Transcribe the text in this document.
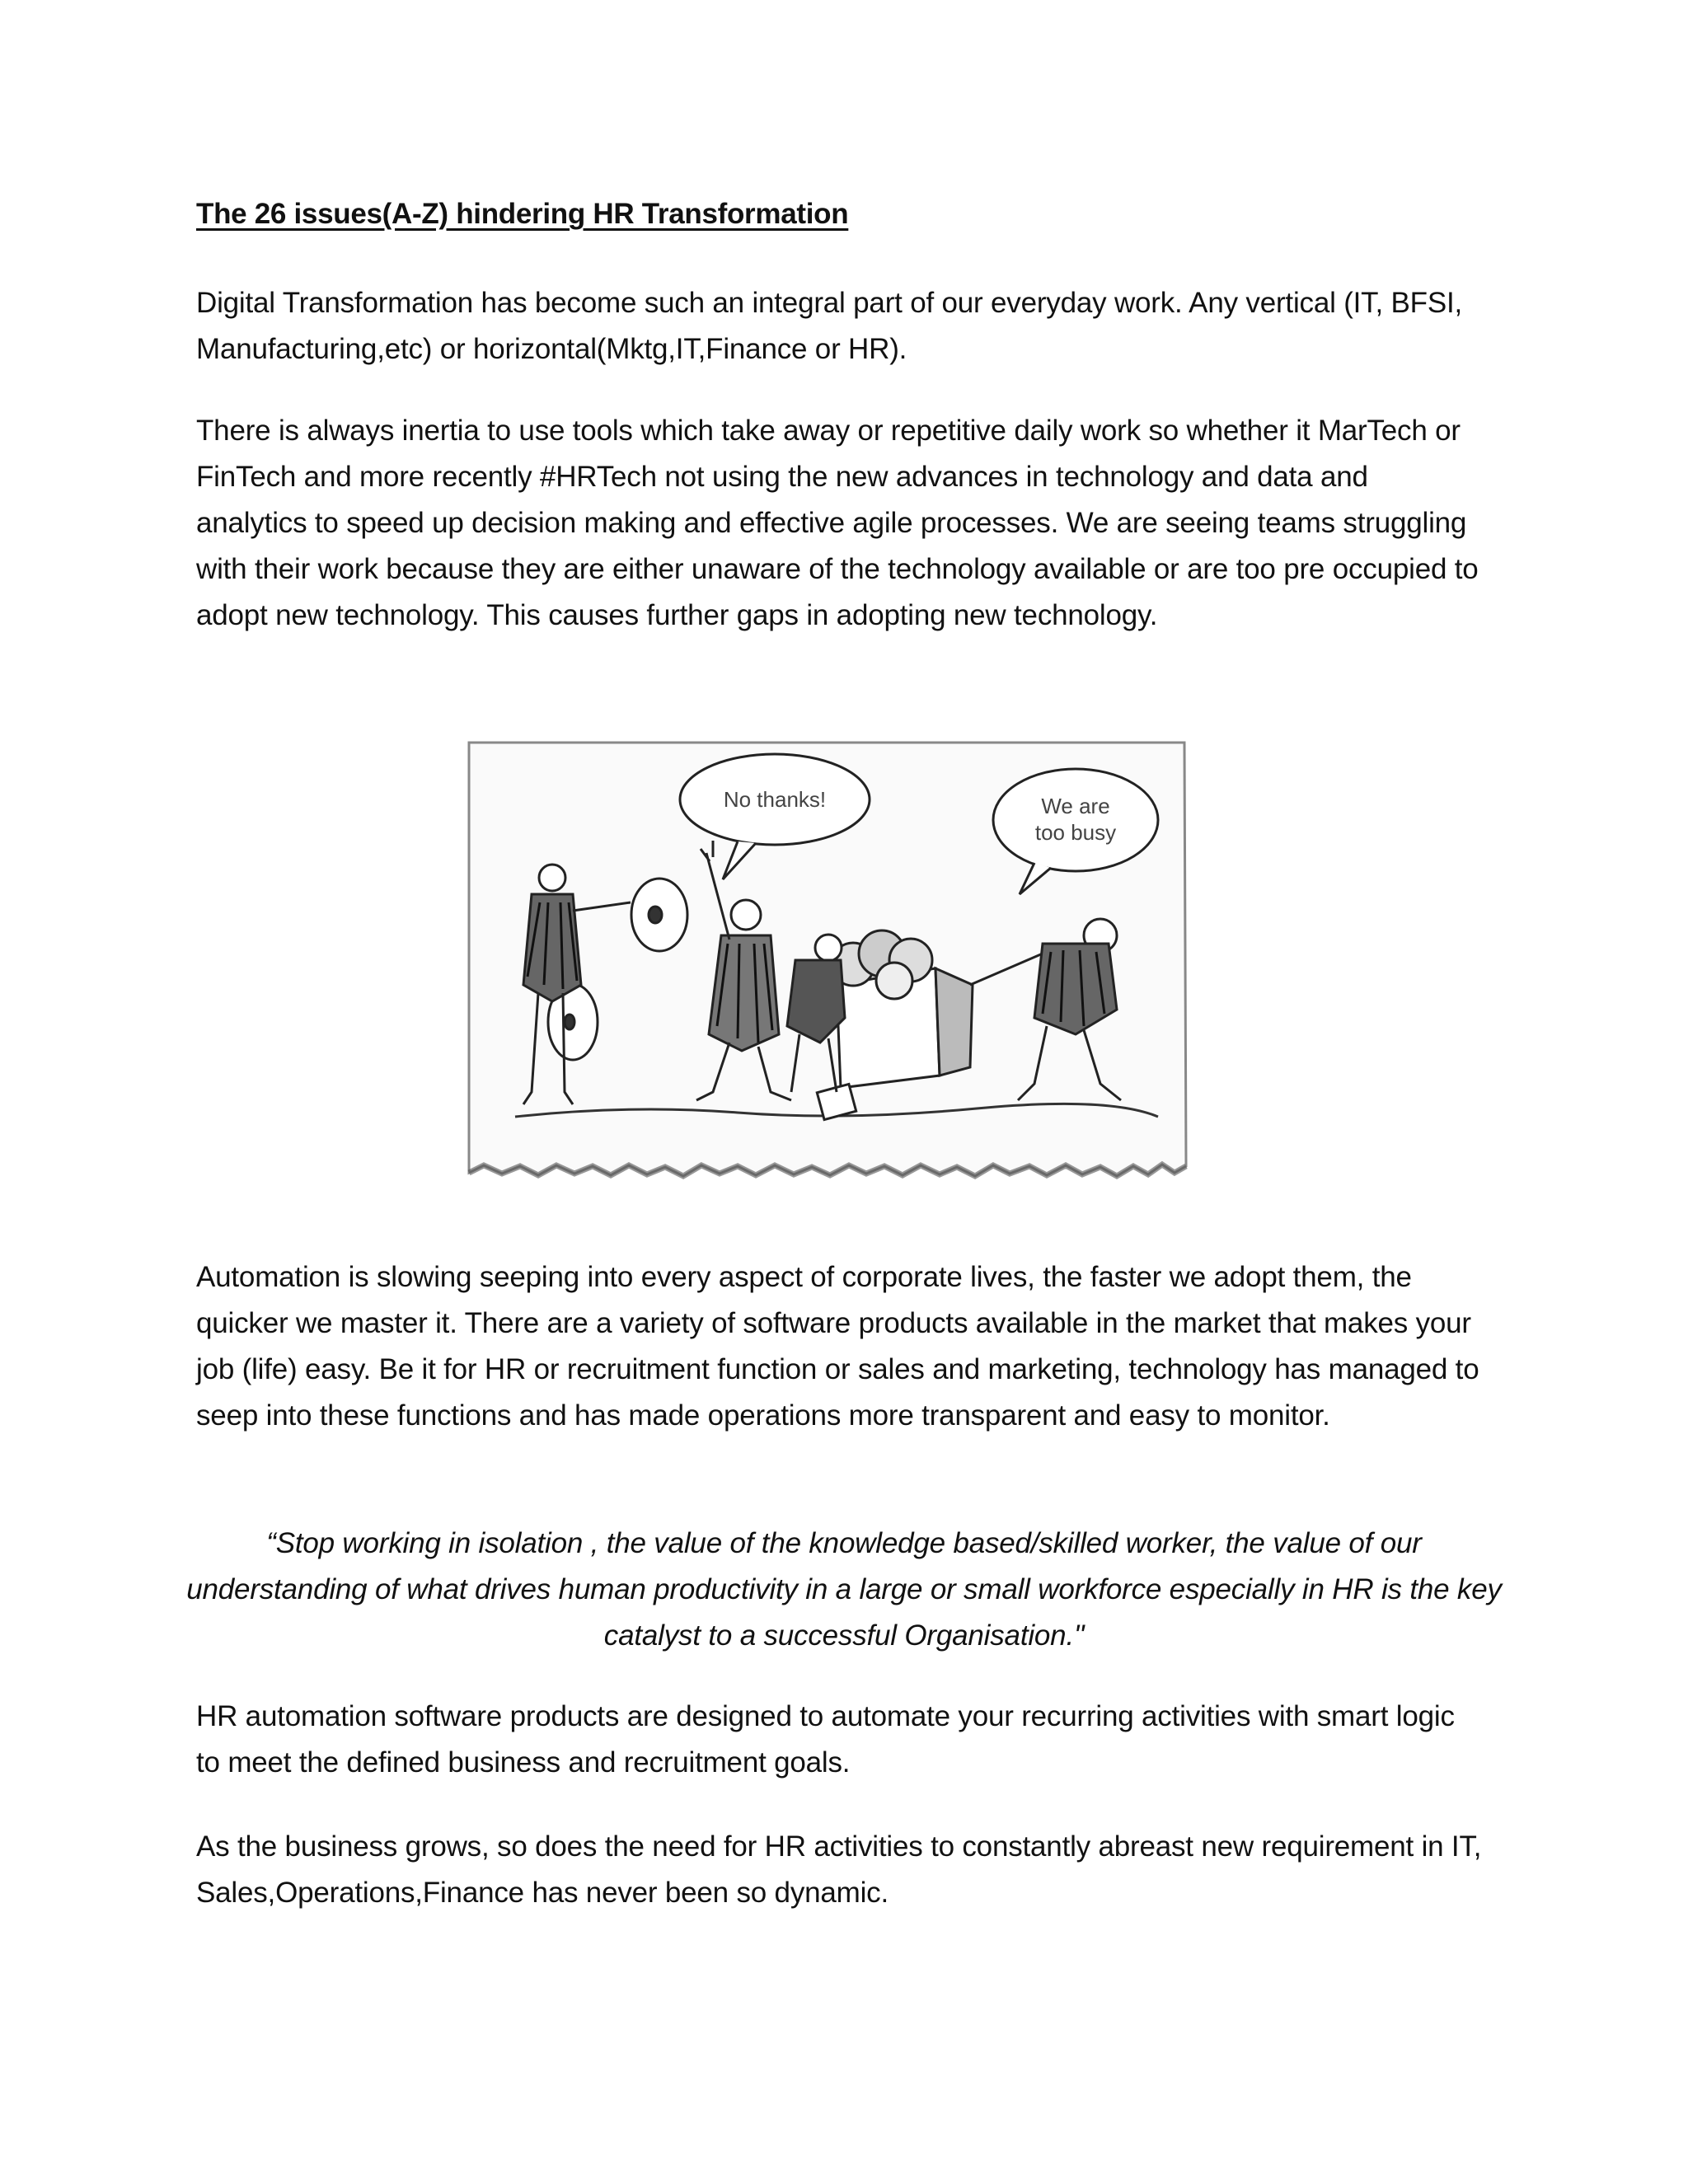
The 26 issues(A-Z) hindering HR Transformation

Digital Transformation has become such an integral part of our everyday work. Any vertical (IT, BFSI, Manufacturing,etc) or horizontal(Mktg,IT,Finance or HR).

There is always inertia to use tools which take away or repetitive daily work so whether it MarTech or FinTech and more recently #HRTech not using the new advances in technology and data and analytics to speed up decision making and effective agile processes. We are seeing teams struggling with their work because they are either unaware of the technology available or are too pre occupied to adopt new technology. This causes further gaps in adopting new technology.

No thanks!	We are
too busy

Automation is slowing seeping into every aspect of corporate lives, the faster we adopt them, the quicker we master it. There are a variety of software products available in the market that makes your job (life) easy. Be it for HR or recruitment function or sales and marketing, technology has managed to seep into these functions and has made operations more transparent and easy to monitor.

“Stop working in isolation , the value of the knowledge based/skilled worker, the value of our understanding of what drives human productivity in a large or small workforce especially in HR is the key catalyst to a successful Organisation."

HR automation software products are designed to automate your recurring activities with smart logic to meet the defined business and recruitment goals.

As the business grows, so does the need for HR activities to constantly abreast new requirement in IT, Sales,Operations,Finance has never been so dynamic.
